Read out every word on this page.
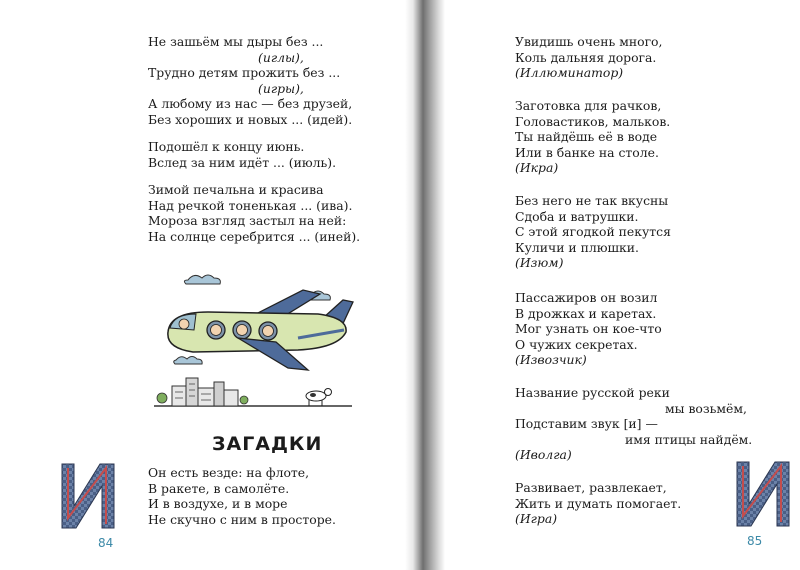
Не зашьём мы дыры без ...
(иглы),
Трудно детям прожить без ...
(игры),
А любому из нас — без друзей,
Без хороших и новых ... (идей).
Подошёл к концу июнь.
Вслед за ним идёт ... (июль).
Зимой печальна и красива
Над речкой тоненькая ... (ива).
Мороза взгляд застыл на ней:
На солнце серебрится ... (иней).
ЗАГАДКИ
Он есть везде: на флоте,
В ракете, в самолёте.
И в воздухе, и в море
Не скучно с ним в просторе.
84
Увидишь очень много,
Коль дальняя дорога.
(Иллюминатор)
Заготовка для рачков,
Головастиков, мальков.
Ты найдёшь её в воде
Или в банке на столе.
(Икра)
Без него не так вкусны
Сдоба и ватрушки.
С этой ягодкой пекутся
Куличи и плюшки.
(Изюм)
Пассажиров он возил
В дрожках и каретах.
Мог узнать он кое-что
О чужих секретах.
(Извозчик)
Название русской реки
мы возьмём,
Подставим звук [и] —
имя птицы найдём.
(Иволга)
Развивает, развлекает,
Жить и думать помогает.
(Игра)
85
